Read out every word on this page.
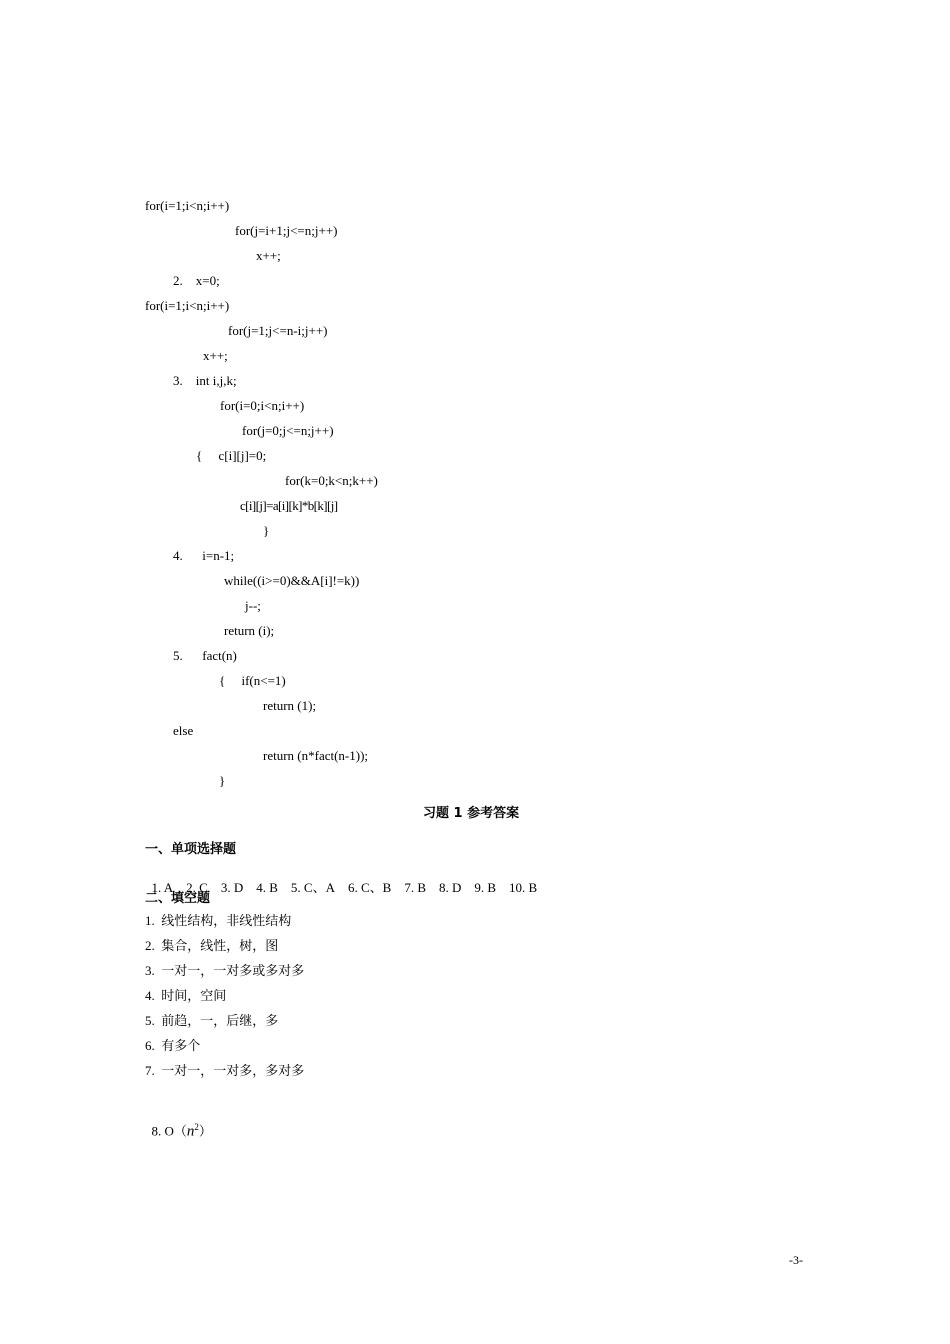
for(i=1;i<n;i++)
for(j=i+1;j<=n;j++)
x++;
2.    x=0;
for(i=1;i<n;i++)
for(j=1;j<=n-i;j++)
x++;
3.    int i,j,k;
for(i=0;i<n;i++)
for(j=0;j<=n;j++)
{     c[i][j]=0;
for(k=0;k<n;k++)
c[i][j]=a[i][k]*b[k][j]
}
4.      i=n-1;
while((i>=0)&&A[i]!=k))
j--;
return (i);
5.      fact(n)
{     if(n<=1)
return (1);
else
return (n*fact(n-1));
}
习题 1 参考答案
一、单项选择题

1. A 2. C 3. D 4. B 5. C、A 6. C、B 7. B 8. D 9. B 10. B

二、填空题
1.  线性结构，非线性结构
2.  集合，线性，树，图
3.  一对一，一对多或多对多
4.  时间，空间
5.  前趋，一，后继，多
6.  有多个
7.  一对一，一对多，多对多

8. $O(n^2)$

-3-
